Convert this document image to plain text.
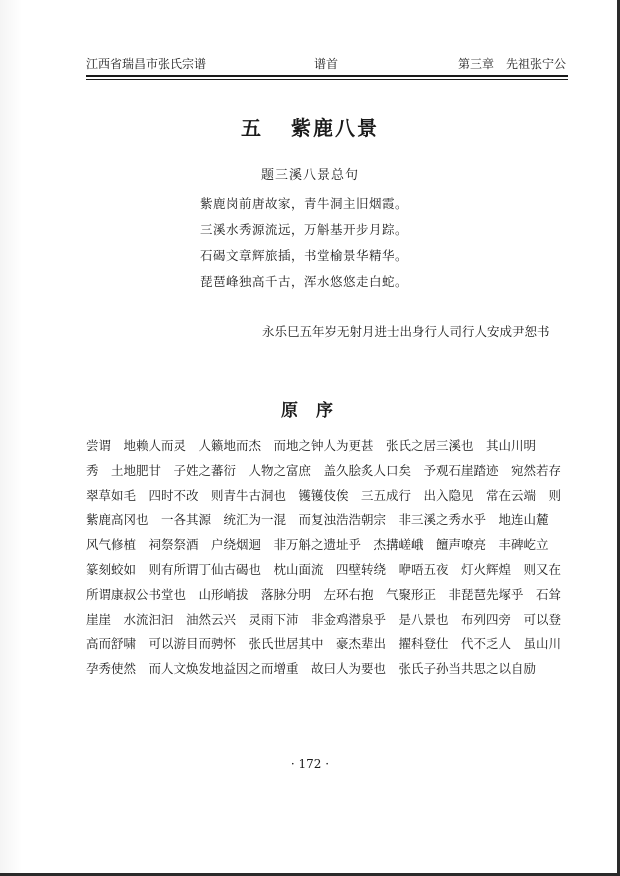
江西省瑞昌市张氏宗谱	谱首	第三章　先祖张宁公
五 紫鹿八景
题三溪八景总句
紫鹿岗前唐故家，青牛洞主旧烟霞。
三溪水秀源流远，万斛基开步月踪。
石碣文章辉旅插，书堂榆景华精华。
琵琶峰独高千古，浑水悠悠走白蛇。
永乐巳五年岁无射月进士出身行人司行人安成尹恕书
原序
尝谓　地赖人而灵　人籁地而杰　而地之钟人为更甚　张氏之居三溪也　其山川明
秀　土地肥甘　子姓之蕃衍　人物之富庶　盖久脍炙人口矣　予观石崖踏迹　宛然若存
翠草如毛　四时不改　则青牛古洞也　镬镬伎俟　三五成行　出入隐见　常在云端　则
紫鹿高冈也　一各其源　统汇为一混　而复浊浩浩朝宗　非三溪之秀水乎　地连山麓
风气修植　祠祭祭酒　户绕烟迴　非万斛之遗址乎　杰搆嵯峨　饘声嘹亮　丰碑屹立
篆刻蛟如　则有所谓丁仙古碣也　枕山面流　四壁转绕　咿唔五夜　灯火辉煌　则又在
所谓康叔公书堂也　山形峭拔　落脉分明　左环右抱　气聚形正　非琵琶先塚乎　石耸
崖崖　水流汩汩　油然云兴　灵雨下沛　非金鸡潜泉乎　是八景也　布列四旁　可以登
高而舒啸　可以游目而骋怀　张氏世居其中　豪杰辈出　擢科登仕　代不乏人　虽山川
孕秀使然　而人文焕发地益因之而增重　故曰人为要也　张氏子孙当共思之以自励
· 172 ·
